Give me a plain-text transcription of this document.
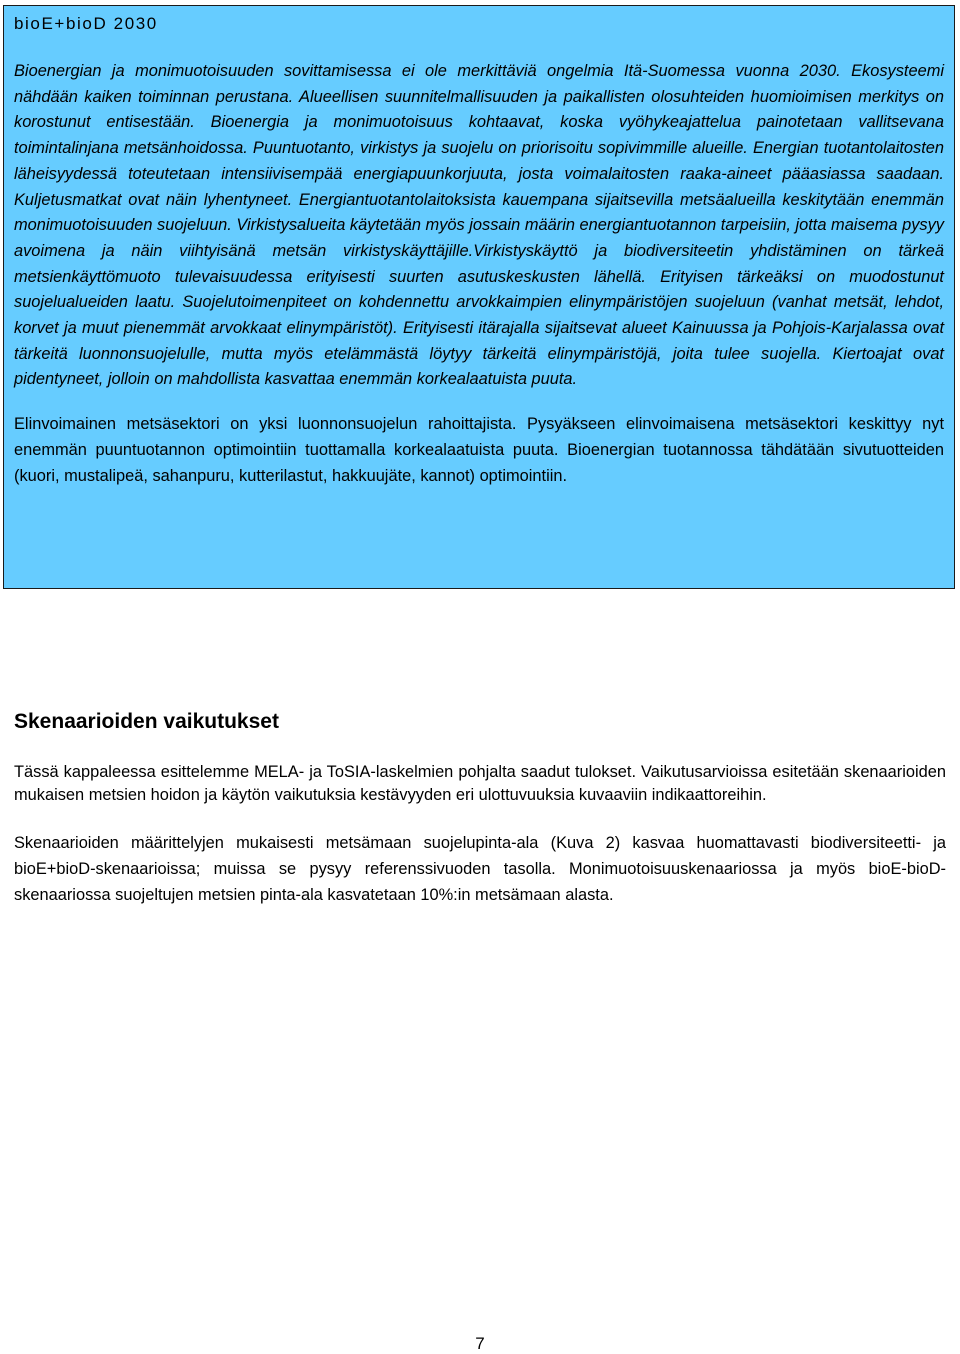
bioE+bioD 2030

Bioenergian ja monimuotoisuuden sovittamisessa ei ole merkittäviä ongelmia Itä-Suomessa vuonna 2030. Ekosysteemi nähdään kaiken toiminnan perustana. Alueellisen suunnitelmallisuuden ja paikallisten olosuhteiden huomioimisen merkitys on korostunut entisestään. Bioenergia ja monimuotoisuus kohtaavat, koska vyöhykeajattelua painotetaan vallitsevana toimintalinjana metsänhoidossa. Puuntuotanto, virkistys ja suojelu on priorisoitu sopivimmille alueille. Energian tuotantolaitosten läheisyydessä toteutetaan intensiivisempää energiapuunkorjuuta, josta voimalaitosten raaka-aineet pääasiassa saadaan. Kuljetusmatkat ovat näin lyhentyneet. Energiantuotantolaitoksista kauempana sijaitsevilla metsäalueilla keskitytään enemmän monimuotoisuuden suojeluun. Virkistysalueita käytetään myös jossain määrin energiantuotannon tarpeisiin, jotta maisema pysyy avoimena ja näin viihtyisänä metsän virkistyskäyttäjille.Virkistyskäyttö ja biodiversiteetin yhdistäminen on tärkeä metsienkäyttömuoto tulevaisuudessa erityisesti suurten asutuskeskusten lähellä. Erityisen tärkeäksi on muodostunut suojelualueiden laatu. Suojelutoimenpiteet on kohdennettu arvokkaimpien elinympäristöjen suojeluun (vanhat metsät, lehdot, korvet ja muut pienemmät arvokkaat elinympäristöt). Erityisesti itärajalla sijaitsevat alueet Kainuussa ja Pohjois-Karjalassa ovat tärkeitä luonnonsuojelulle, mutta myös etelämmästä löytyy tärkeitä elinympäristöjä, joita tulee suojella. Kiertoajat ovat pidentyneet, jolloin on mahdollista kasvattaa enemmän korkealaatuista puuta.

Elinvoimainen metsäsektori on yksi luonnonsuojelun rahoittajista. Pysyäkseen elinvoimaisena metsäsektori keskittyy nyt enemmän puuntuotannon optimointiin tuottamalla korkealaatuista puuta. Bioenergian tuotannossa tähdätään sivutuotteiden (kuori, mustalipeä, sahanpuru, kutterilastut, hakkuujäte, kannot) optimointiin.

Skenaarioiden vaikutukset

Tässä kappaleessa esittelemme MELA- ja ToSIA-laskelmien pohjalta saadut tulokset. Vaikutusarvioissa esitetään skenaarioiden mukaisen metsien hoidon ja käytön vaikutuksia kestävyyden eri ulottuvuuksia kuvaaviin indikaattoreihin.

Skenaarioiden määrittelyjen mukaisesti metsämaan suojelupinta-ala (Kuva 2) kasvaa huomattavasti biodiversiteetti- ja bioE+bioD-skenaarioissa; muissa se pysyy referenssivuoden tasolla. Monimuotoisuuskenaariossa ja myös bioE-bioD-skenaariossa suojeltujen metsien pinta-ala kasvatetaan 10%:in metsämaan alasta.

7
